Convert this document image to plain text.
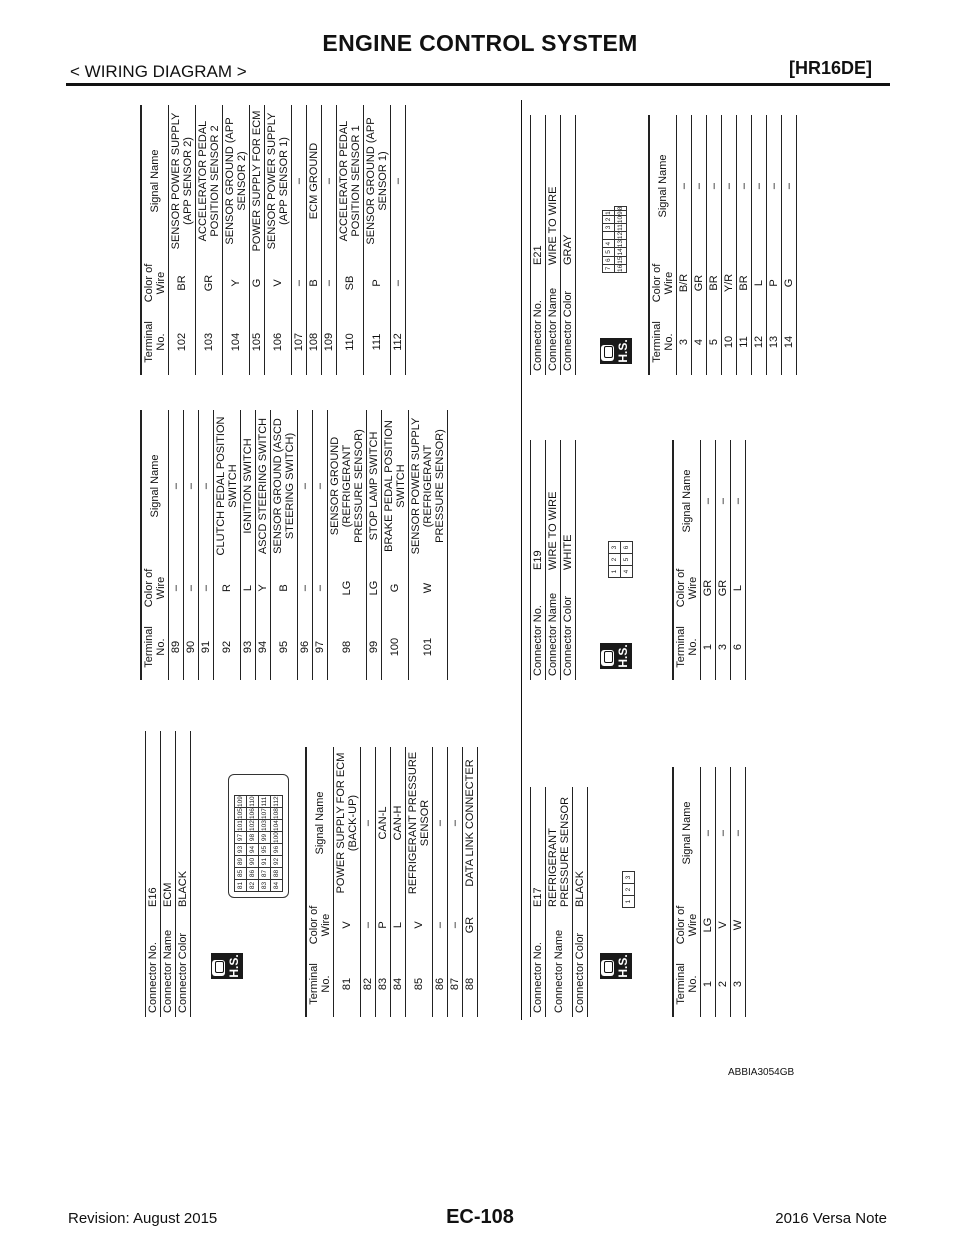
ENGINE CONTROL SYSTEM
< WIRING DIAGRAM >	[HR16DE]
Connector No.	E16
Connector Name	ECM
Connector Color	BLACK
H.S.
81	85	89	93	97	101	105	109
82	86	90	94	98	102	106	110
83	87	91	95	99	103	107	111
84	88	92	96	100	104	108	112
Terminal No.	Color of Wire	Signal Name
81	V	POWER SUPPLY FOR ECM (BACK-UP)
82	–	–
83	P	CAN-L
84	L	CAN-H
85	V	REFRIGERANT PRESSURE SENSOR
86	–	–
87	–	–
88	GR	DATA LINK CONNECTER
Terminal No.	Color of Wire	Signal Name
89	–	–
90	–	–
91	–	–
92	R	CLUTCH PEDAL POSITION SWITCH
93	L	IGNITION SWITCH
94	Y	ASCD STEERING SWITCH
95	B	SENSOR GROUND (ASCD STEERING SWITCH)
96	–	–
97	–	–
98	LG	SENSOR GROUND (REFRIGERANT PRESSURE SENSOR)
99	LG	STOP LAMP SWITCH
100	G	BRAKE PEDAL POSITION SWITCH
101	W	SENSOR POWER SUPPLY (REFRIGERANT PRESSURE SENSOR)
Terminal No.	Color of Wire	Signal Name
102	BR	SENSOR POWER SUPPLY (APP SENSOR 2)
103	GR	ACCELERATOR PEDAL POSITION SENSOR 2
104	Y	SENSOR GROUND (APP SENSOR 2)
105	G	POWER SUPPLY FOR ECM
106	V	SENSOR POWER SUPPLY (APP SENSOR 1)
107	–	–
108	B	ECM GROUND
109	–	–
110	SB	ACCELERATOR PEDAL POSITION SENSOR 1
111	P	SENSOR GROUND (APP SENSOR 1)
112	–	–
Connector No.	E17
Connector Name	REFRIGERANT PRESSURE SENSOR
Connector Color	BLACK
H.S.
1	2	3
Terminal No.	Color of Wire	Signal Name
1	LG	–
2	V	–
3	W	–
Connector No.	E19
Connector Name	WIRE TO WIRE
Connector Color	WHITE
H.S.
1	2	3
4	5	6
Terminal No.	Color of Wire	Signal Name
1	GR	–
3	GR	–
6	L	–
Connector No.	E21
Connector Name	WIRE TO WIRE
Connector Color	GRAY
H.S.
7	6	5	4		3	2	1	
16	15	14	13	12	11	10	9	8
Terminal No.	Color of Wire	Signal Name
3	B/R	–
4	GR	–
5	BR	–
10	Y/R	–
11	BR	–
12	L	–
13	P	–
14	G	–
ABBIA3054GB
Revision: August 2015	EC-108	2016 Versa Note
